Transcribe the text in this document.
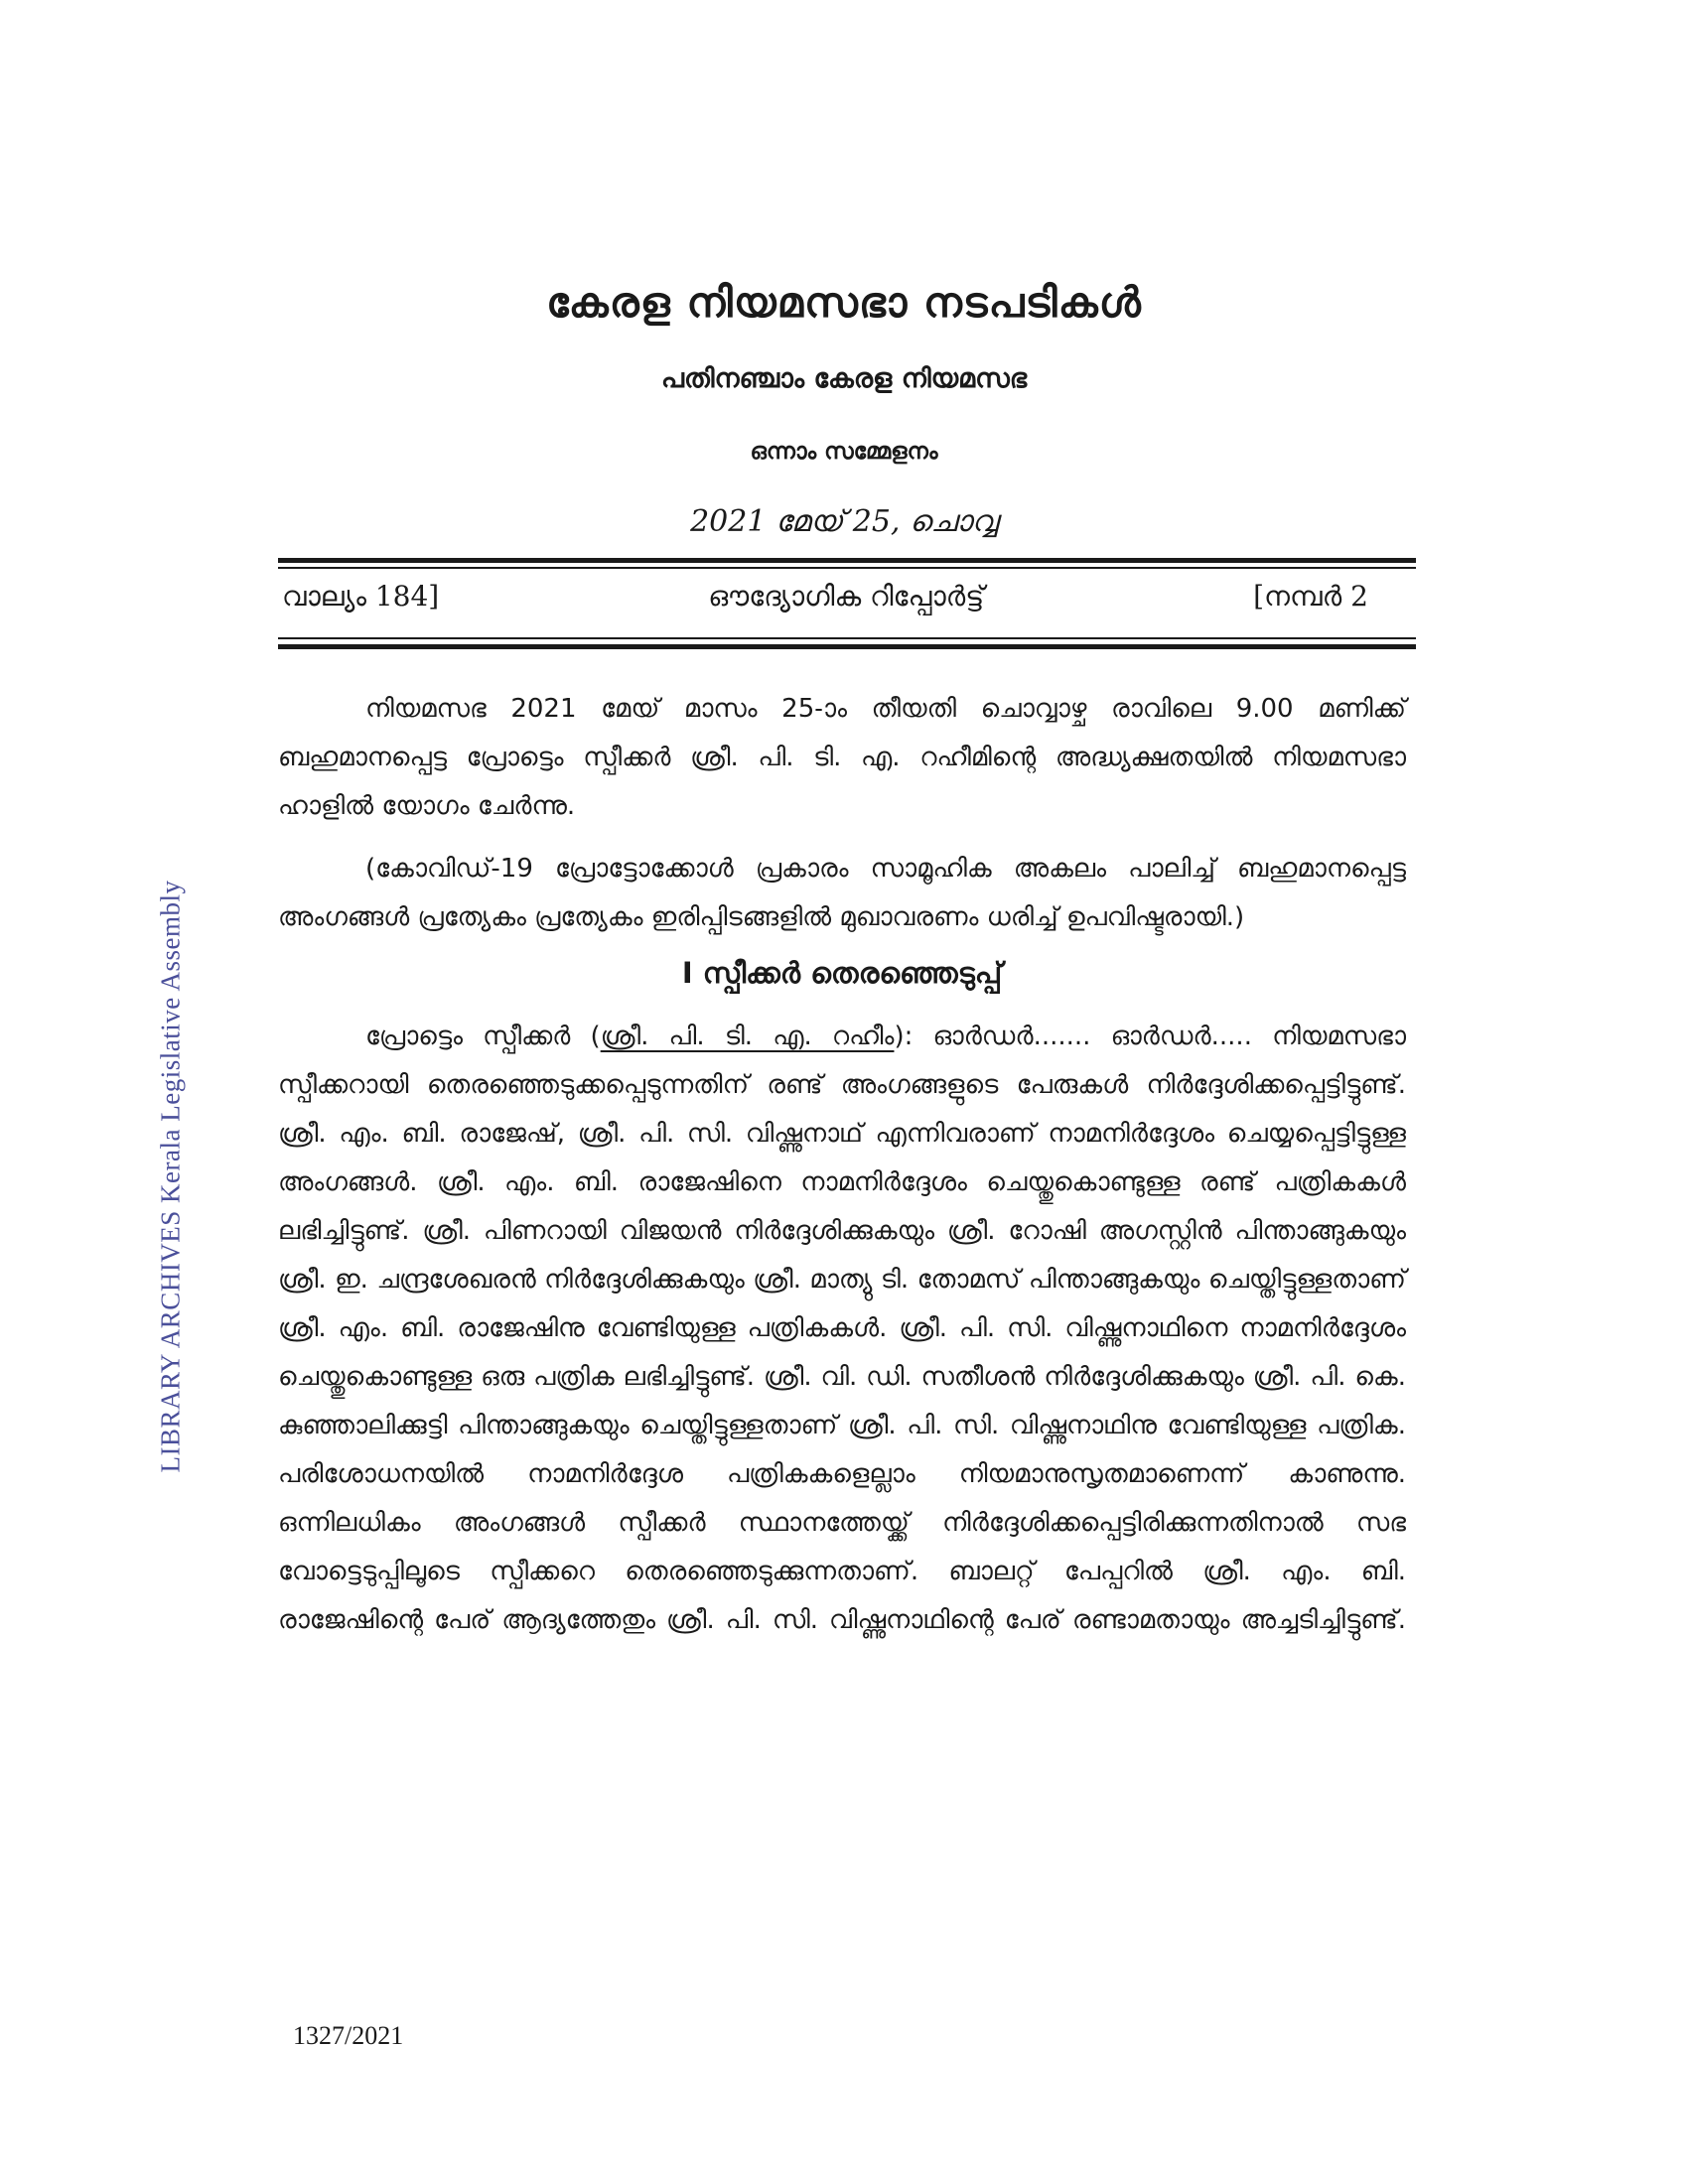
LIBRARY ARCHIVES Kerala Legislative Assembly
കേരള നിയമസഭാ നടപടികൾ
പതിനഞ്ചാം കേരള നിയമസഭ
ഒന്നാം സമ്മേളനം
2021 മേയ് 25, ചൊവ്വ
വാല്യം 184]	ഔദ്യോഗിക റിപ്പോർട്ട്	[നമ്പർ 2

നിയമസഭ 2021 മേയ് മാസം 25-ാം തീയതി ചൊവ്വാഴ്ച രാവിലെ 9.00 മണിക്ക് ബഹുമാനപ്പെട്ട പ്രോട്ടെം സ്പീക്കർ ശ്രീ. പി. ടി. എ. റഹീമിന്റെ അദ്ധ്യക്ഷതയിൽ നിയമസഭാ ഹാളിൽ യോഗം ചേർന്നു.

(കോവിഡ്-19 പ്രോട്ടോക്കോൾ പ്രകാരം സാമൂഹിക അകലം പാലിച്ച് ബഹുമാനപ്പെട്ട അംഗങ്ങൾ പ്രത്യേകം പ്രത്യേകം ഇരിപ്പിടങ്ങളിൽ മുഖാവരണം ധരിച്ച് ഉപവിഷ്ടരായി.)

I സ്പീക്കർ തെരഞ്ഞെടുപ്പ്

പ്രോട്ടെം സ്പീക്കർ (ശ്രീ. പി. ടി. എ. റഹീം): ഓർഡർ....... ഓർഡർ..... നിയമസഭാ സ്പീക്കറായി തെരഞ്ഞെടുക്കപ്പെടുന്നതിന് രണ്ട് അംഗങ്ങളുടെ പേരുകൾ നിർദ്ദേശിക്കപ്പെട്ടിട്ടുണ്ട്. ശ്രീ. എം. ബി. രാജേഷ്, ശ്രീ. പി. സി. വിഷ്ണുനാഥ് എന്നിവരാണ് നാമനിർദ്ദേശം ചെയ്യപ്പെട്ടിട്ടുള്ള അംഗങ്ങൾ. ശ്രീ. എം. ബി. രാജേഷിനെ നാമനിർദ്ദേശം ചെയ്തുകൊണ്ടുള്ള രണ്ട് പത്രികകൾ ലഭിച്ചിട്ടുണ്ട്. ശ്രീ. പിണറായി വിജയൻ നിർദ്ദേശിക്കുകയും ശ്രീ. റോഷി അഗസ്റ്റിൻ പിന്താങ്ങുകയും ശ്രീ. ഇ. ചന്ദ്രശേഖരൻ നിർദ്ദേശിക്കുകയും ശ്രീ. മാത്യു ടി. തോമസ് പിന്താങ്ങുകയും ചെയ്തിട്ടുള്ളതാണ് ശ്രീ. എം. ബി. രാജേഷിനു വേണ്ടിയുള്ള പത്രികകൾ. ശ്രീ. പി. സി. വിഷ്ണുനാഥിനെ നാമനിർദ്ദേശം ചെയ്തുകൊണ്ടുള്ള ഒരു പത്രിക ലഭിച്ചിട്ടുണ്ട്. ശ്രീ. വി. ഡി. സതീശൻ നിർദ്ദേശിക്കുകയും ശ്രീ. പി. കെ. കുഞ്ഞാലിക്കുട്ടി പിന്താങ്ങുകയും ചെയ്തിട്ടുള്ളതാണ് ശ്രീ. പി. സി. വിഷ്ണുനാഥിനു വേണ്ടിയുള്ള പത്രിക. പരിശോധനയിൽ നാമനിർദ്ദേശ പത്രികകളെല്ലാം നിയമാനുസൃതമാണെന്ന് കാണുന്നു. ഒന്നിലധികം അംഗങ്ങൾ സ്പീക്കർ സ്ഥാനത്തേയ്ക്ക് നിർദ്ദേശിക്കപ്പെട്ടിരിക്കുന്നതിനാൽ സഭ വോട്ടെടുപ്പിലൂടെ സ്പീക്കറെ തെരഞ്ഞെടുക്കുന്നതാണ്. ബാലറ്റ് പേപ്പറിൽ ശ്രീ. എം. ബി. രാജേഷിന്റെ പേര് ആദ്യത്തേതും ശ്രീ. പി. സി. വിഷ്ണുനാഥിന്റെ പേര് രണ്ടാമതായും അച്ചടിച്ചിട്ടുണ്ട്.

1327/2021
